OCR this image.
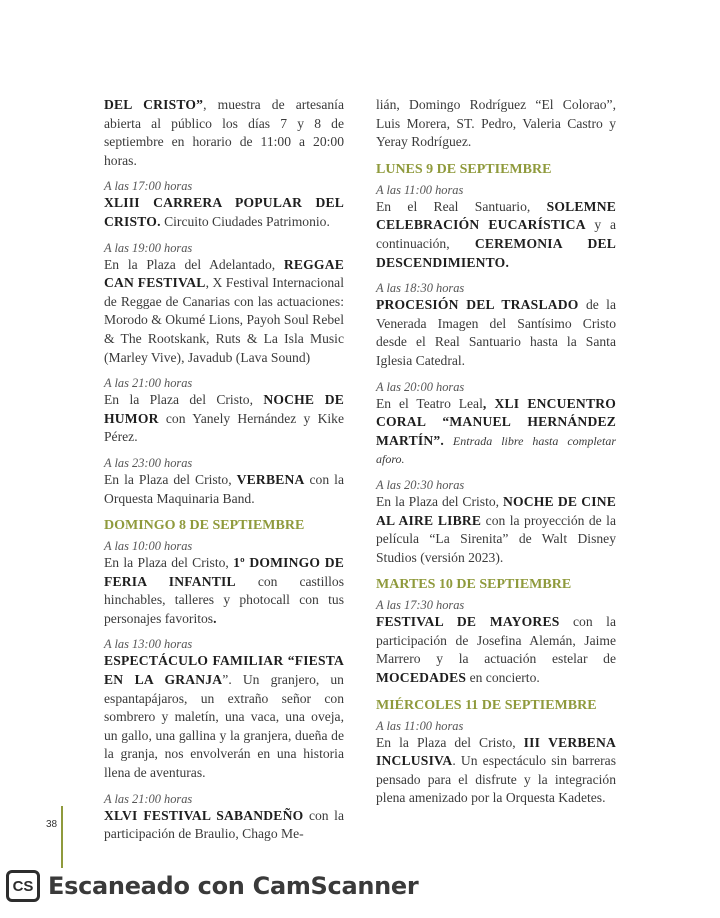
DEL CRISTO”, muestra de artesanía abierta al público los días 7 y 8 de septiembre en horario de 11:00 a 20:00 horas.

A las 17:00 horas

XLIII CARRERA POPULAR DEL CRISTO. Circuito Ciudades Patrimonio.

A las 19:00 horas

En la Plaza del Adelantado, REGGAE CAN FESTIVAL, X Festival Internacional de Reggae de Canarias con las actuaciones: Morodo & Okumé Lions, Payoh Soul Rebel & The Rootskank, Ruts & La Isla Music (Marley Vive), Javadub (Lava Sound)

A las 21:00 horas

En la Plaza del Cristo, NOCHE DE HUMOR con Yanely Hernández y Kike Pérez.

A las 23:00 horas

En la Plaza del Cristo, VERBENA con la Orquesta Maquinaria Band.

DOMINGO 8 DE SEPTIEMBRE

A las 10:00 horas

En la Plaza del Cristo, 1º DOMINGO DE FERIA INFANTIL con castillos hinchables, talleres y photocall con tus personajes favoritos.

A las 13:00 horas

ESPECTÁCULO FAMILIAR “FIESTA EN LA GRANJA”. Un granjero, un espantapájaros, un extraño señor con sombrero y maletín, una vaca, una oveja, un gallo, una gallina y la granjera, dueña de la granja, nos envolverán en una historia llena de aventuras.

A las 21:00 horas

XLVI FESTIVAL SABANDEÑO con la participación de Braulio, Chago Me-

lián, Domingo Rodríguez “El Colorao”, Luis Morera, ST. Pedro, Valeria Castro y Yeray Rodríguez.

LUNES 9 DE SEPTIEMBRE

A las 11:00 horas

En el Real Santuario, SOLEMNE CELEBRACIÓN EUCARÍSTICA y a continuación, CEREMONIA DEL DESCENDIMIENTO.

A las 18:30 horas

PROCESIÓN DEL TRASLADO de la Venerada Imagen del Santísimo Cristo desde el Real Santuario hasta la Santa Iglesia Catedral.

A las 20:00 horas

En el Teatro Leal, XLI ENCUENTRO CORAL “MANUEL HERNÁNDEZ MARTÍN”. Entrada libre hasta completar aforo.

A las 20:30 horas

En la Plaza del Cristo, NOCHE DE CINE AL AIRE LIBRE con la proyección de la película “La Sirenita” de Walt Disney Studios (versión 2023).

MARTES 10 DE SEPTIEMBRE

A las 17:30 horas

FESTIVAL DE MAYORES con la participación de Josefina Alemán, Jaime Marrero y la actuación estelar de MOCEDADES en concierto.

MIÉRCOLES 11 DE SEPTIEMBRE

A las 11:00 horas

En la Plaza del Cristo, III VERBENA INCLUSIVA. Un espectáculo sin barreras pensado para el disfrute y la integración plena amenizado por la Orquesta Kadetes.

38
CS Escaneado con CamScanner
